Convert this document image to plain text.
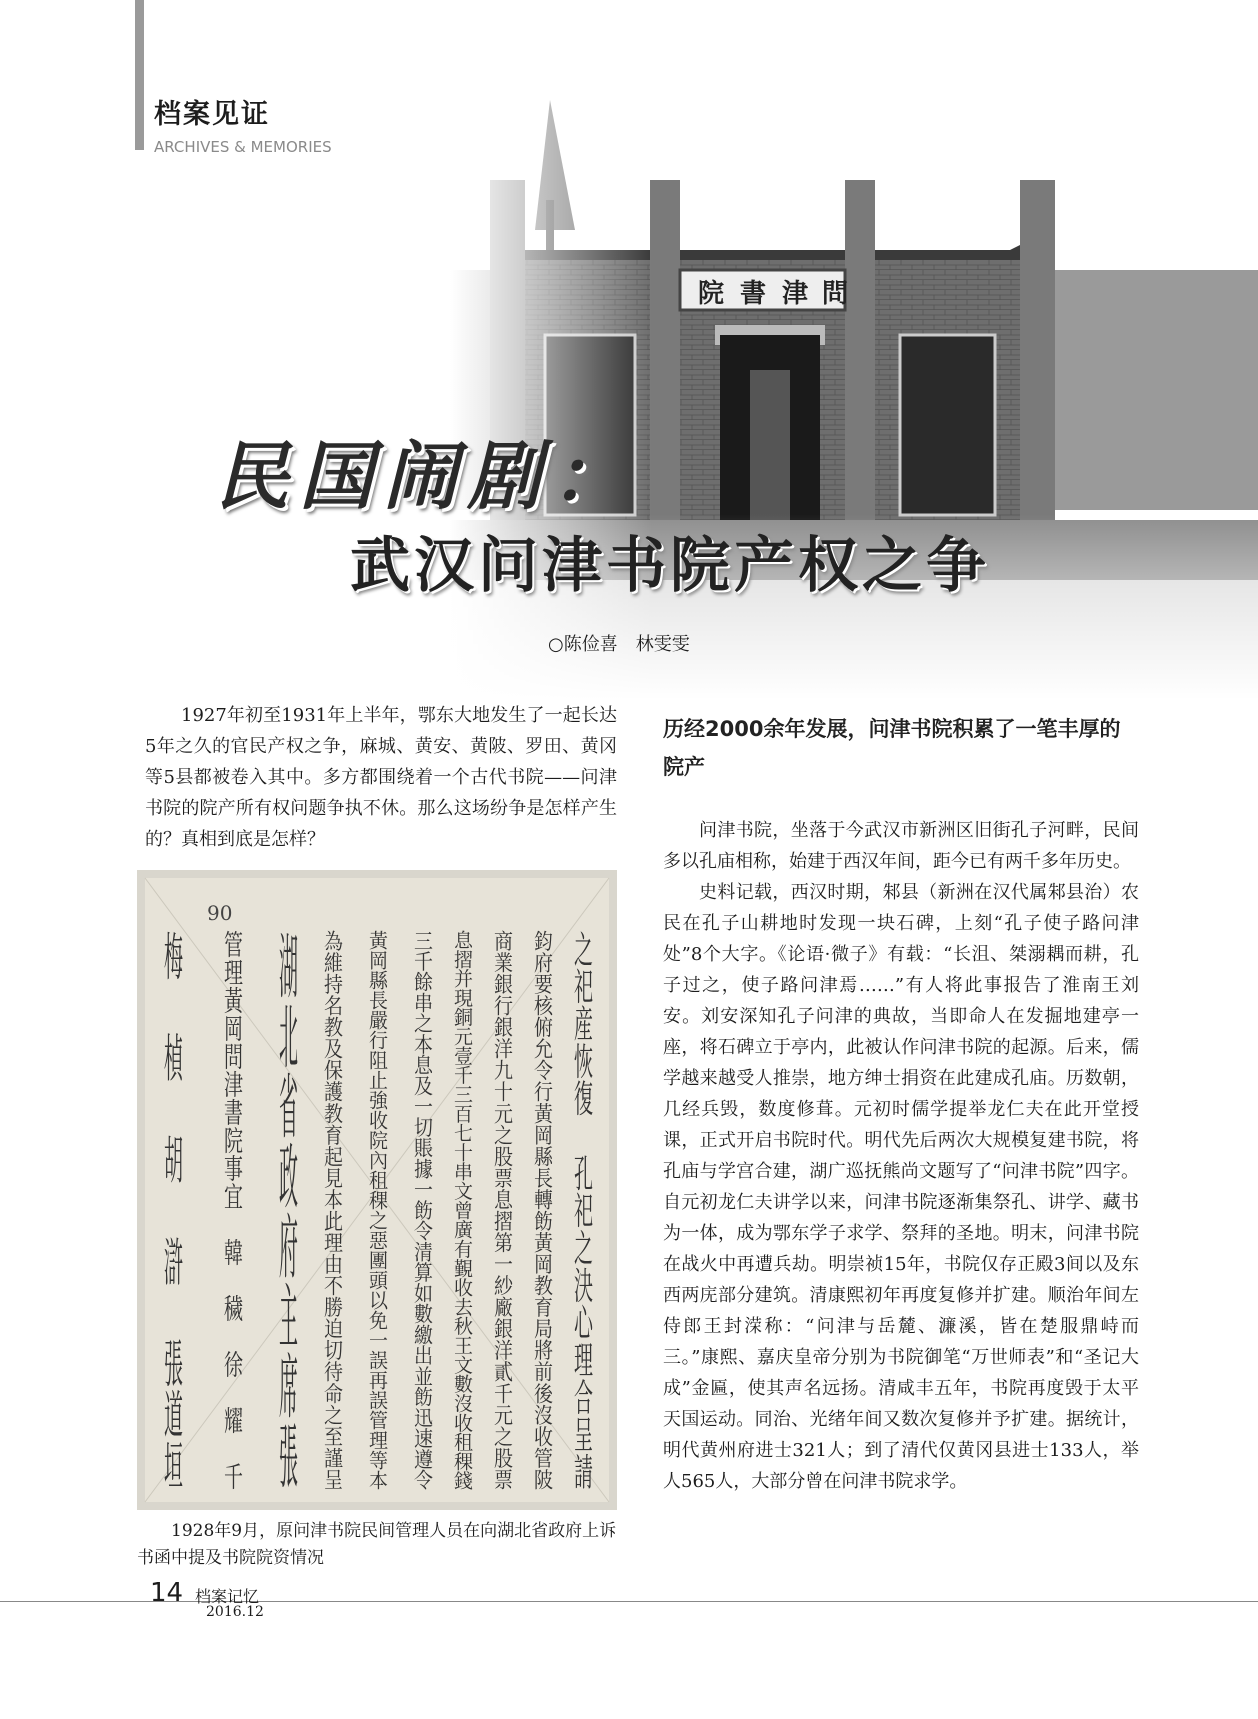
档案见证
ARCHIVES & MEMORIES
民国闹剧：
武汉问津书院产权之争
○陈俭喜　林雯雯

1927年初至1931年上半年，鄂东大地发生了一起长达5年之久的官民产权之争，麻城、黄安、黄陂、罗田、黄冈等5县都被卷入其中。多方都围绕着一个古代书院——问津书院的院产所有权问题争执不休。那么这场纷争是怎样产生的？真相到底是怎样？

90
之祀産恢復　孔祀之決心理合呈請
鈞府要核俯允令行黃岡縣長轉飭黃岡教育局將前後沒收管陂
商業銀行銀洋九十元之股票息摺第一紗廠銀洋貳千元之股票
息摺并現銅元壹千三百七十串文曾廣有覲收去秋王文數沒收租稞錢
三千餘串之本息及一切賬據一飭令清算如數繳出並飭迅速遵令
黃岡縣長嚴行阻止強收院內租稞之惡團頭以免一誤再誤管理等本
為維持名教及保護教育起見本此理由不勝迫切待命之至謹呈
湖北省政府主席張
管理黃岡問津書院事宜　韓　穢　徐　耀　千
梅　楨　胡　滸　張道垣
1928年9月，原问津书院民间管理人员在向湖北省政府上诉书函中提及书院院资情况
历经2000余年发展，问津书院积累了一笔丰厚的院产

问津书院，坐落于今武汉市新洲区旧街孔子河畔，民间多以孔庙相称，始建于西汉年间，距今已有两千多年历史。

史料记载，西汉时期，邾县（新洲在汉代属邾县治）农民在孔子山耕地时发现一块石碑，上刻“孔子使子路问津处”8个大字。《论语·微子》有载：“长沮、桀溺耦而耕，孔子过之，使子路问津焉……”有人将此事报告了淮南王刘安。刘安深知孔子问津的典故，当即命人在发掘地建亭一座，将石碑立于亭内，此被认作问津书院的起源。后来，儒学越来越受人推崇，地方绅士捐资在此建成孔庙。历数朝，几经兵毁，数度修葺。元初时儒学提举龙仁夫在此开堂授课，正式开启书院时代。明代先后两次大规模复建书院，将孔庙与学宫合建，湖广巡抚熊尚文题写了“问津书院”四字。自元初龙仁夫讲学以来，问津书院逐渐集祭孔、讲学、藏书为一体，成为鄂东学子求学、祭拜的圣地。明末，问津书院在战火中再遭兵劫。明崇祯15年，书院仅存正殿3间以及东西两庑部分建筑。清康熙初年再度复修并扩建。顺治年间左侍郎王封溁称：“问津与岳麓、濂溪，皆在楚服鼎峙而三。”康熙、嘉庆皇帝分别为书院御笔“万世师表”和“圣记大成”金匾，使其声名远扬。清咸丰五年，书院再度毁于太平天国运动。同治、光绪年间又数次复修并予扩建。据统计，明代黄州府进士321人；到了清代仅黄冈县进士133人，举人565人，大部分曾在问津书院求学。

14 档案记忆
2016.12
